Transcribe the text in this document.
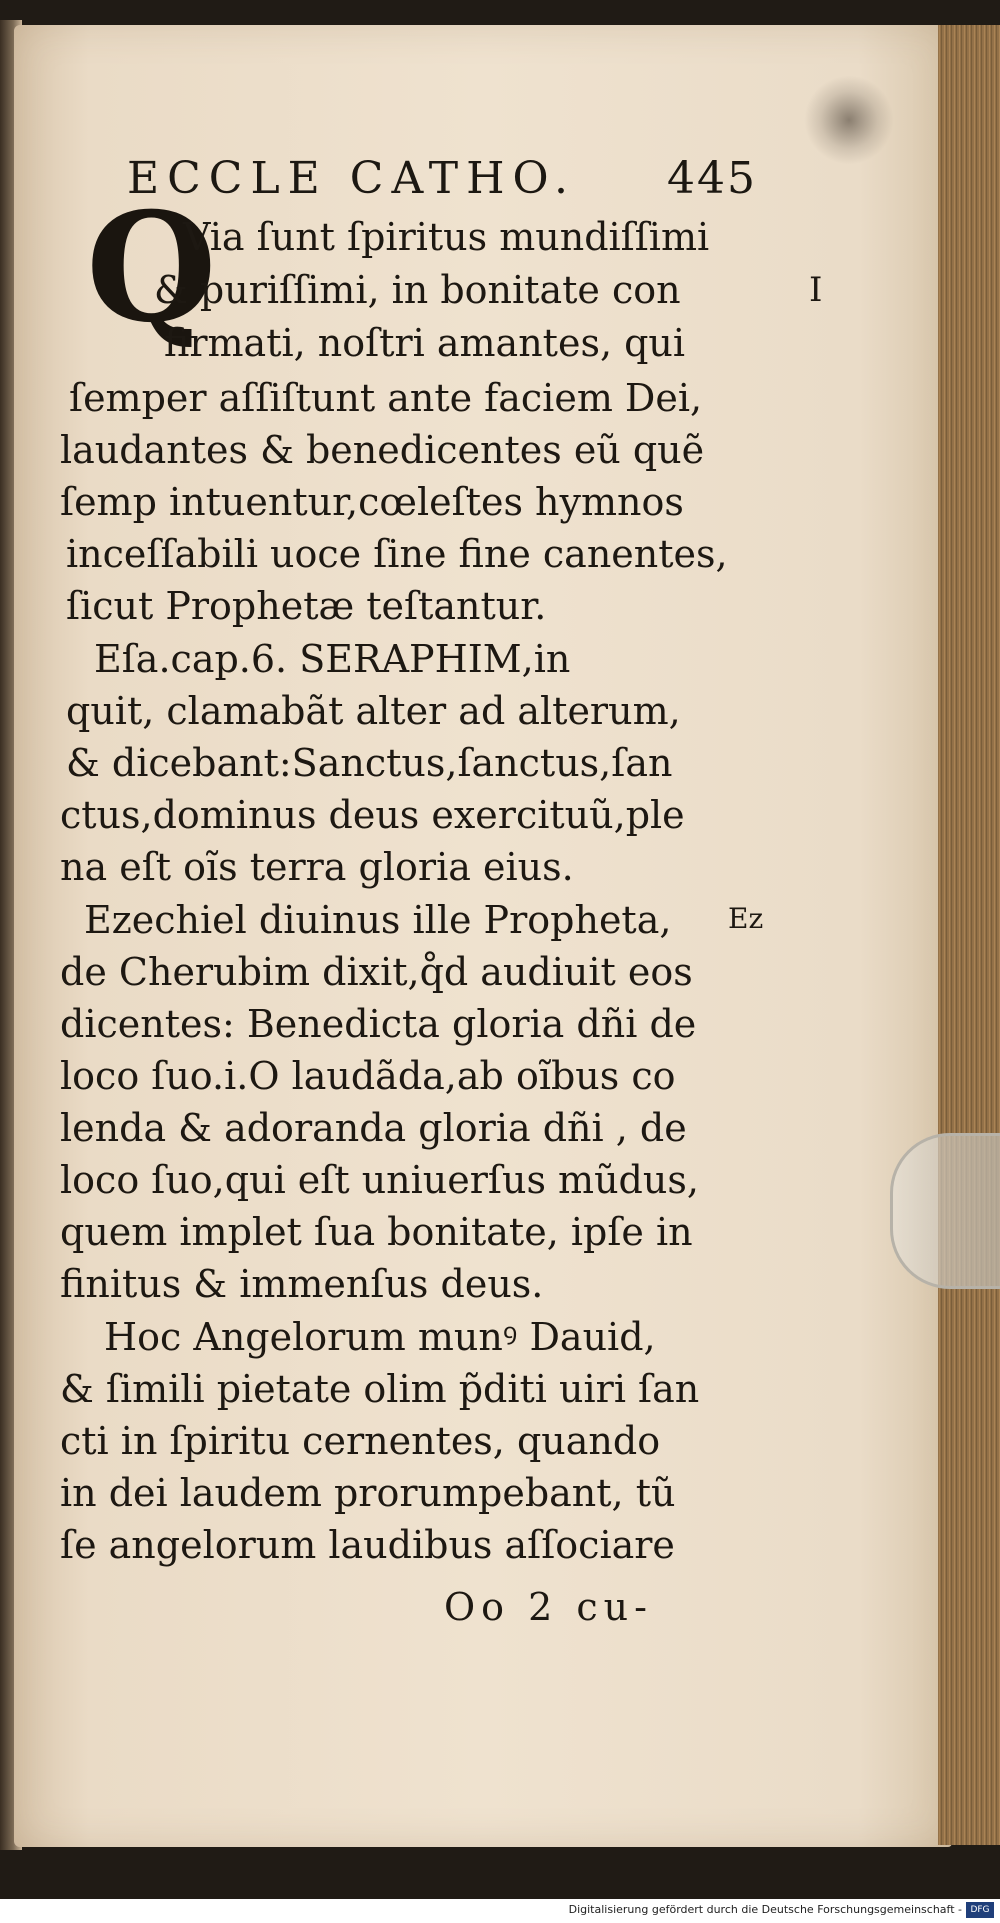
ECCLE CATHO. 445
Q
Via ſunt ſpiritus mundiſſimi
& puriſſimi, in bonitate con
firmati, noſtri amantes, qui
ſemper aſſiſtunt ante faciem Dei,
laudantes & benedicentes eũ quẽ
ſemp intuentur,cœleſtes hymnos
inceſſabili uoce ſine fine canentes,
ſicut Prophetæ teſtantur.
Eſa.cap.6. SERAPHIM,in
quit, clamabãt alter ad alterum,
& dicebant:Sanctus,ſanctus,ſan
ctus,dominus deus exercituũ,ple
na eſt oĩs terra gloria eius.
Ezechiel diuinus ille Propheta,
de Cherubim dixit,q̊d audiuit eos
dicentes: Benedicta gloria dñi de
loco ſuo.i.O laudãda,ab oĩbus co
lenda & adoranda gloria dñi , de
loco ſuo,qui eſt uniuerſus mũdus,
quem implet ſua bonitate, ipſe in
finitus & immenſus deus.
Hoc Angelorum munꝰ Dauid,
& ſimili pietate olim p̃diti uiri ſan
cti in ſpiritu cernentes, quando
in dei laudem prorumpebant, tũ
ſe angelorum laudibus aſſociare
I
Ez
Oo 2 cu-
Digitalisierung gefördert durch die Deutsche Forschungsgemeinschaft - DFG
